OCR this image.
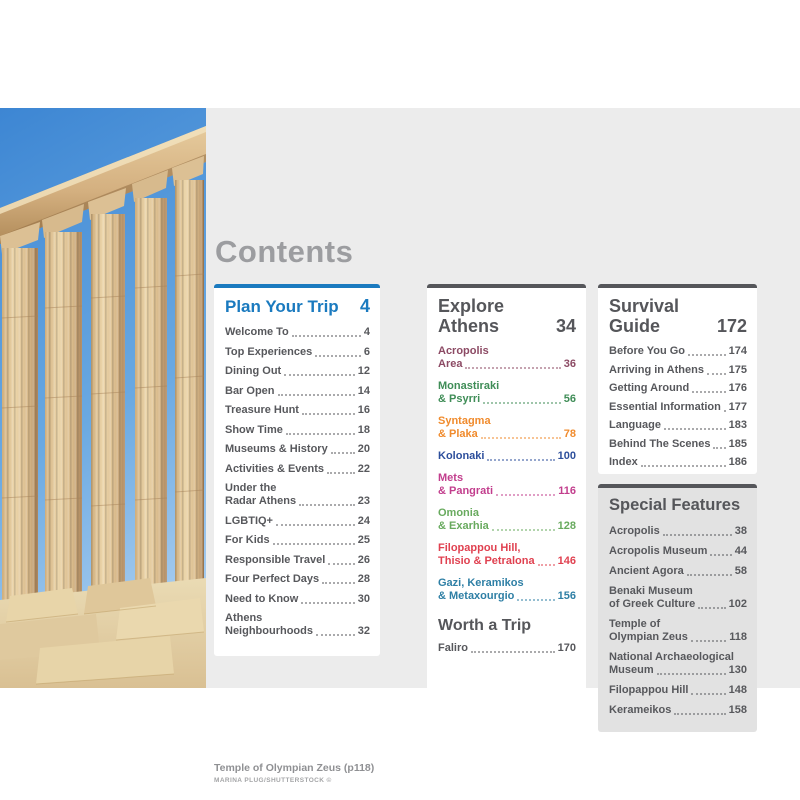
Contents
Plan Your Trip 4
Welcome To	4
Top Experiences	6
Dining Out	12
Bar Open	14
Treasure Hunt	16
Show Time	18
Museums & History	20
Activities & Events	22
Under the
Radar Athens	23
LGBTIQ+	24
For Kids	25
Responsible Travel	26
Four Perfect Days	28
Need to Know	30
Athens
Neighbourhoods	32
Explore
Athens	34
Acropolis
Area	36
Monastiraki
& Psyrri	56
Syntagma
& Plaka	78
Kolonaki	100
Mets
& Pangrati	116
Omonia
& Exarhia	128
Filopappou Hill,
Thisio & Petralona 146
Gazi, Keramikos
& Metaxourgio	156
Worth a Trip
Faliro	170
Survival
Guide	172
Before You Go	174
Arriving in Athens 175
Getting Around	176
Essential Information 177
Language	183
Behind The Scenes 185
Index	186
Special Features
Acropolis	38
Acropolis Museum 44
Ancient Agora	58
Benaki Museum
of Greek Culture	102
Temple of
Olympian Zeus	118
National Archaeological
Museum	130
Filopappou Hill	148
Kerameikos	158
Temple of Olympian Zeus (p118)
MARINA PLUG/SHUTTERSTOCK ©
